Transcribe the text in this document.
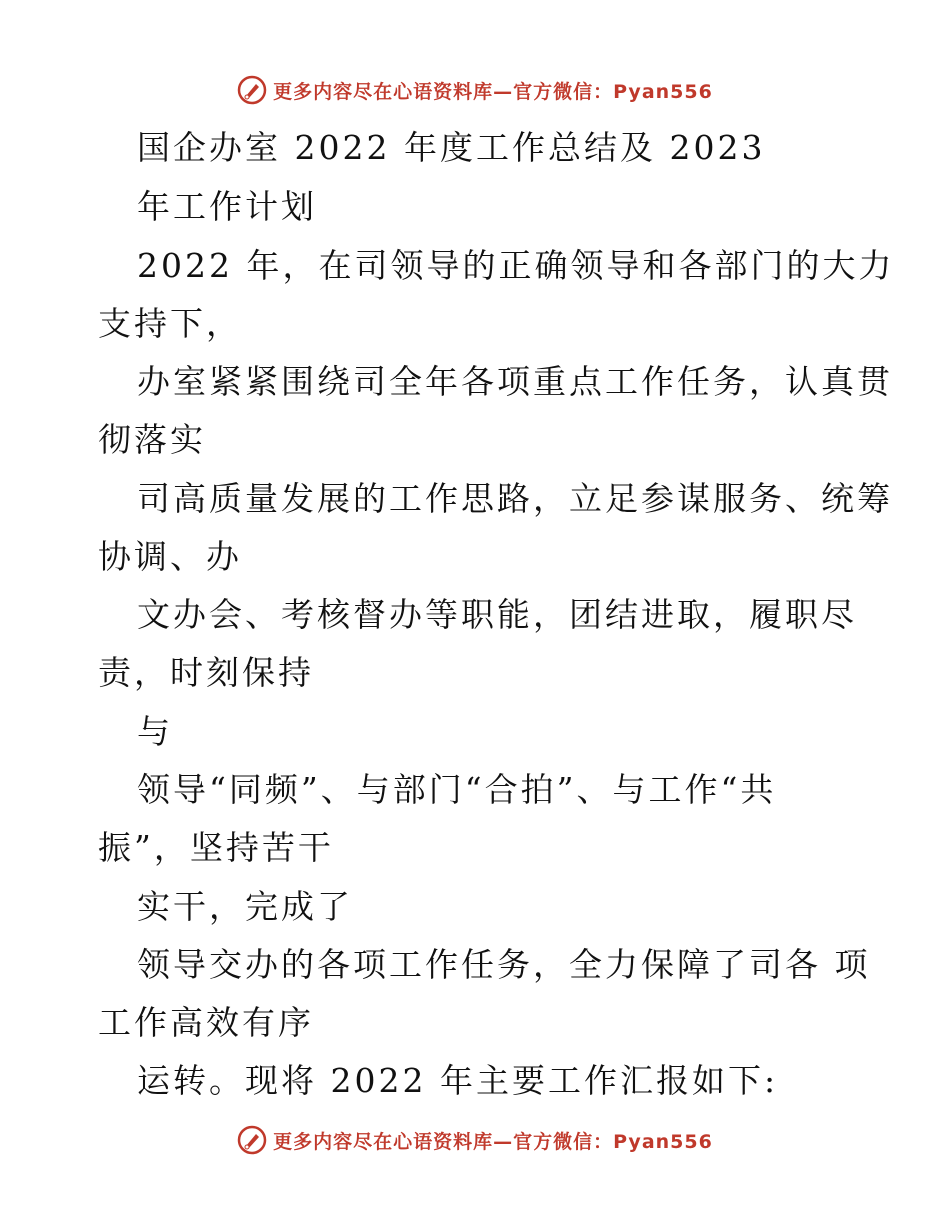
更多内容尽在心语资料库—官方微信：Pyan556
国企办室 2022 年度工作总结及 2023
年工作计划
2022 年，在司领导的正确领导和各部门的大力
支持下，
办室紧紧围绕司全年各项重点工作任务，认真贯
彻落实
司高质量发展的工作思路，立足参谋服务、统筹
协调、办
文办会、考核督办等职能，团结进取，履职尽
责，时刻保持
与
领导“同频”、与部门“合拍”、与工作“共
振”，坚持苦干
实干，完成了
领导交办的各项工作任务，全力保障了司各 项
工作高效有序
运转。现将 2022 年主要工作汇报如下:
更多内容尽在心语资料库—官方微信：Pyan556
